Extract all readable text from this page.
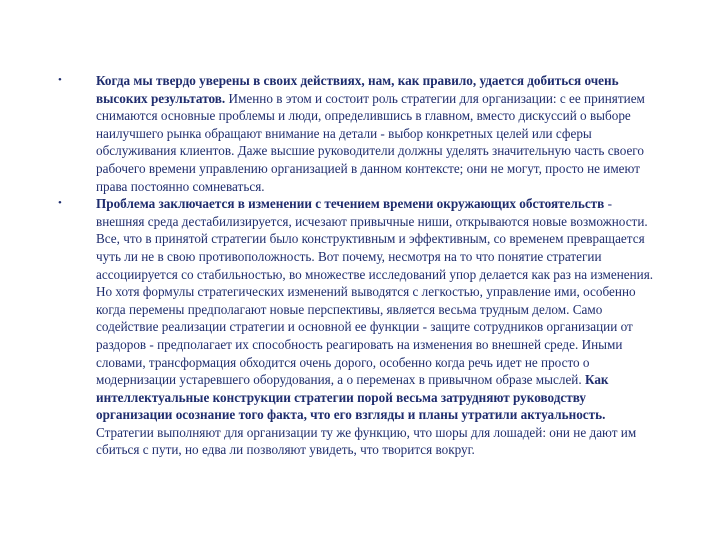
•	Когда мы твердо уверены в своих действиях, нам, как правило, удается добиться очень высоких результатов. Именно в этом и состоит роль стратегии для организации: с ее принятием снимаются основные проблемы и люди, определившись в главном, вместо дискуссий о выборе наилучшего рынка обращают внимание на детали - выбор конкретных целей или сферы обслуживания клиентов. Даже высшие руководители должны уделять значительную часть своего рабочего времени управлению организацией в данном контексте; они не могут, просто не имеют права постоянно сомневаться.
•	Проблема заключается в изменении с течением времени окружающих обстоятельств - внешняя среда дестабилизируется, исчезают привычные ниши, открываются новые возможности. Все, что в принятой стратегии было конструктивным и эффективным, со временем превращается чуть ли не в свою противоположность. Вот почему, несмотря на то что понятие стратегии ассоциируется со стабильностью, во множестве исследований упор делается как раз на изменения. Но хотя формулы стратегических изменений выводятся с легкостью, управление ими, особенно когда перемены предполагают новые перспективы, является весьма трудным делом. Само содействие реализации стратегии и основной ее функции - защите сотрудников организации от раздоров - предполагает их способность реагировать на изменения во внешней среде. Иными словами, трансформация обходится очень дорого, особенно когда речь идет не просто о модернизации устаревшего оборудования, а о переменах в привычном образе мыслей. Как интеллектуальные конструкции стратегии порой весьма затрудняют руководству организации осознание того факта, что его взгляды и планы утратили актуальность. Стратегии выполняют для организации ту же функцию, что шоры для лошадей: они не дают им сбиться с пути, но едва ли позволяют увидеть, что творится вокруг.
